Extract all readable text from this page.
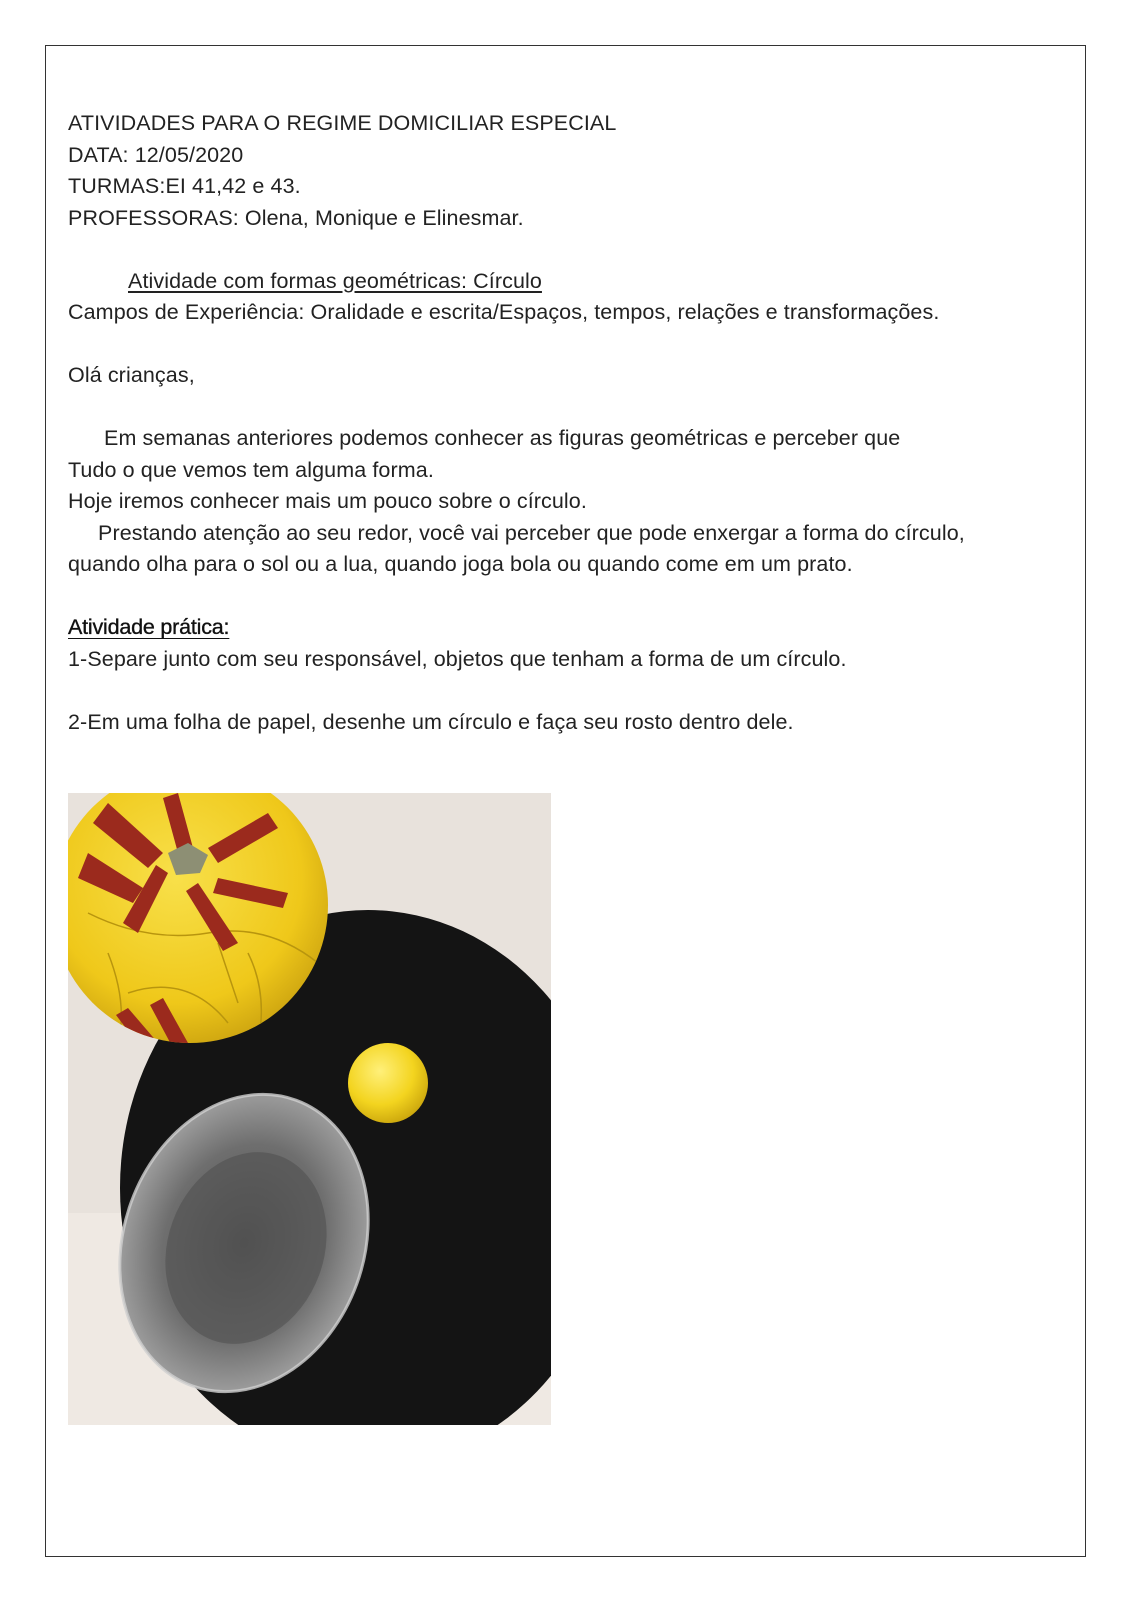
ATIVIDADES PARA O REGIME DOMICILIAR ESPECIAL

DATA: 12/05/2020

TURMAS:EI 41,42 e 43.

PROFESSORAS: Olena, Monique e Elinesmar.

Atividade com formas geométricas: Círculo

Campos de Experiência: Oralidade e escrita/Espaços, tempos, relações e transformações.

Olá crianças,

Em semanas anteriores podemos conhecer as figuras geométricas e perceber que

Tudo o que vemos tem alguma forma.

Hoje iremos conhecer mais um pouco sobre o círculo.

Prestando atenção ao seu redor, você vai perceber que pode enxergar a forma do círculo,

quando olha para o sol ou a lua, quando joga bola ou quando come em um prato.

Atividade prática:

1-Separe junto com seu responsável, objetos que tenham a forma de um círculo.

2-Em uma folha de papel, desenhe um círculo e faça seu rosto dentro dele.
